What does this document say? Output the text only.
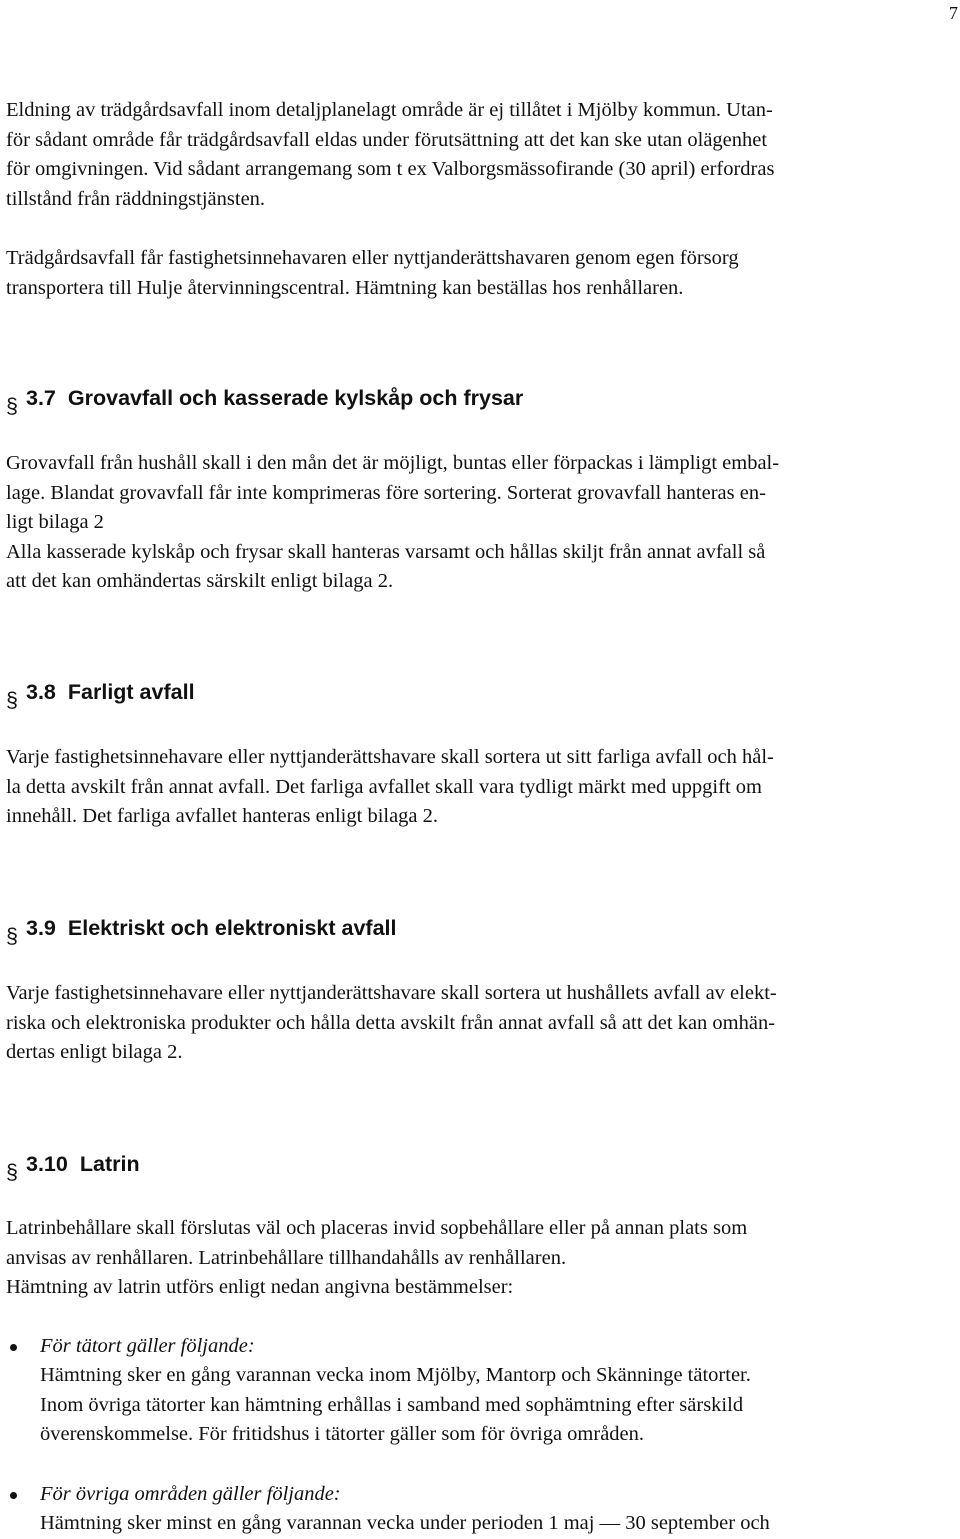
7

Eldning av trädgårdsavfall inom detaljplanelagt område är ej tillåtet i Mjölby kommun. Utan-
för sådant område får trädgårdsavfall eldas under förutsättning att det kan ske utan olägenhet
för omgivningen. Vid sådant arrangemang som t ex Valborgsmässofirande (30 april) erfordras
tillstånd från räddningstjänsten.

Trädgårdsavfall får fastighetsinnehavaren eller nyttjanderättshavaren genom egen försorg
transportera till Hulje återvinningscentral. Hämtning kan beställas hos renhållaren.

§ 3.7 Grovavfall och kasserade kylskåp och frysar

Grovavfall från hushåll skall i den mån det är möjligt, buntas eller förpackas i lämpligt embal-
lage. Blandat grovavfall får inte komprimeras före sortering. Sorterat grovavfall hanteras en-
ligt bilaga 2
Alla kasserade kylskåp och frysar skall hanteras varsamt och hållas skiljt från annat avfall så
att det kan omhändertas särskilt enligt bilaga 2.

§ 3.8 Farligt avfall

Varje fastighetsinnehavare eller nyttjanderättshavare skall sortera ut sitt farliga avfall och hål-
la detta avskilt från annat avfall. Det farliga avfallet skall vara tydligt märkt med uppgift om
innehåll. Det farliga avfallet hanteras enligt bilaga 2.

§ 3.9 Elektriskt och elektroniskt avfall

Varje fastighetsinnehavare eller nyttjanderättshavare skall sortera ut hushållets avfall av elekt-
riska och elektroniska produkter och hålla detta avskilt från annat avfall så att det kan omhän-
dertas enligt bilaga 2.

§ 3.10 Latrin

Latrinbehållare skall förslutas väl och placeras invid sopbehållare eller på annan plats som
anvisas av renhållaren. Latrinbehållare tillhandahålls av renhållaren.
Hämtning av latrin utförs enligt nedan angivna bestämmelser:

För tätort gäller följande:

Hämtning sker en gång varannan vecka inom Mjölby, Mantorp och Skänninge tätorter.
Inom övriga tätorter kan hämtning erhållas i samband med sophämtning efter särskild
överenskommelse. För fritidshus i tätorter gäller som för övriga områden.

För övriga områden gäller följande:

Hämtning sker minst en gång varannan vecka under perioden 1 maj — 30 september och
